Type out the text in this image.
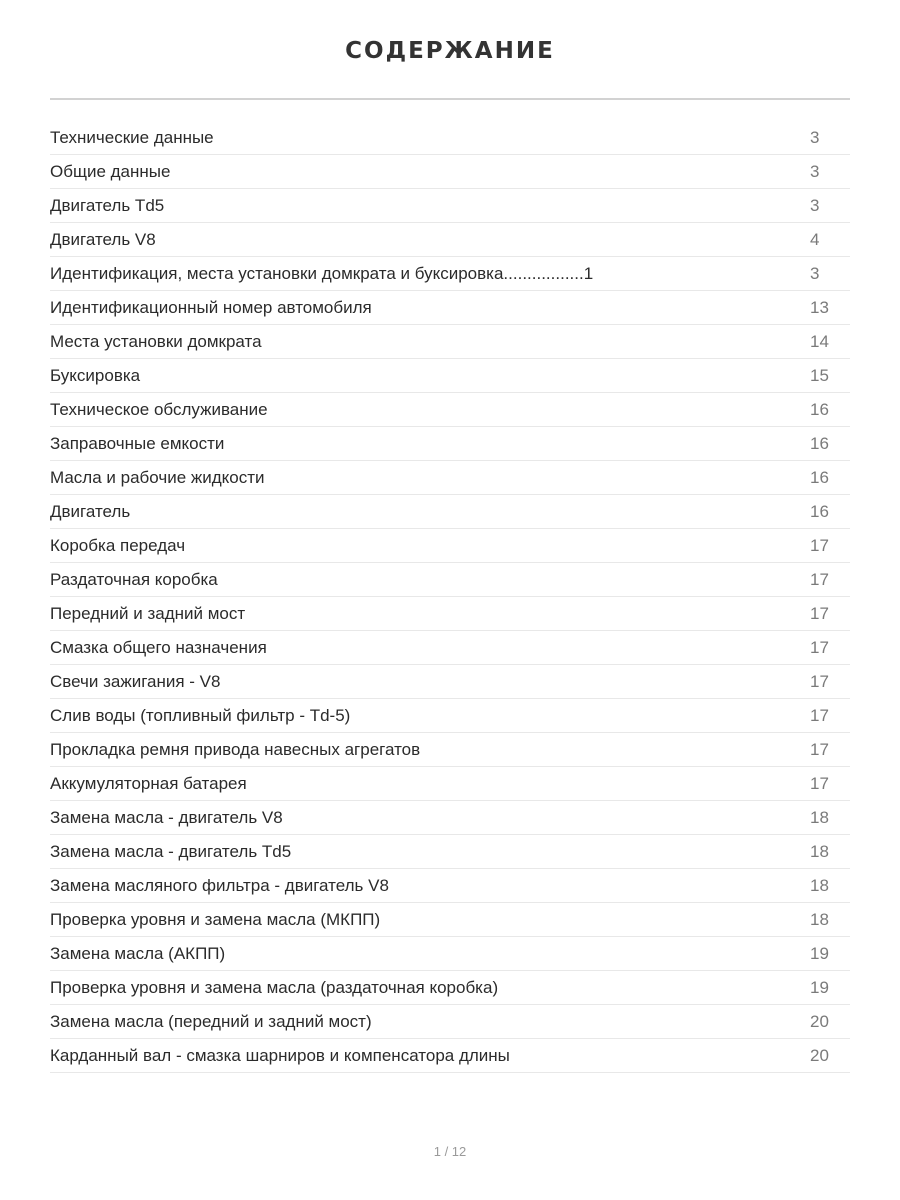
СОДЕРЖАНИЕ
Технические данные	3
Общие данные	3
Двигатель Td5	3
Двигатель V8	4
Идентификация, места установки домкрата и буксировка.................1	3
Идентификационный номер автомобиля	13
Места установки домкрата	14
Буксировка	15
Техническое обслуживание	16
Заправочные емкости	16
Масла и рабочие жидкости	16
Двигатель	16
Коробка передач	17
Раздаточная коробка	17
Передний и задний мост	17
Смазка общего назначения	17
Свечи зажигания - V8	17
Слив воды (топливный фильтр - Td-5)	17
Прокладка ремня привода навесных агрегатов	17
Аккумуляторная батарея	17
Замена масла - двигатель V8	18
Замена масла - двигатель Td5	18
Замена масляного фильтра - двигатель V8	18
Проверка уровня и замена масла (МКПП)	18
Замена масла (АКПП)	19
Проверка уровня и замена масла (раздаточная коробка)	19
Замена масла (передний и задний мост)	20
Карданный вал - смазка шарниров и компенсатора длины	20
1 / 12
